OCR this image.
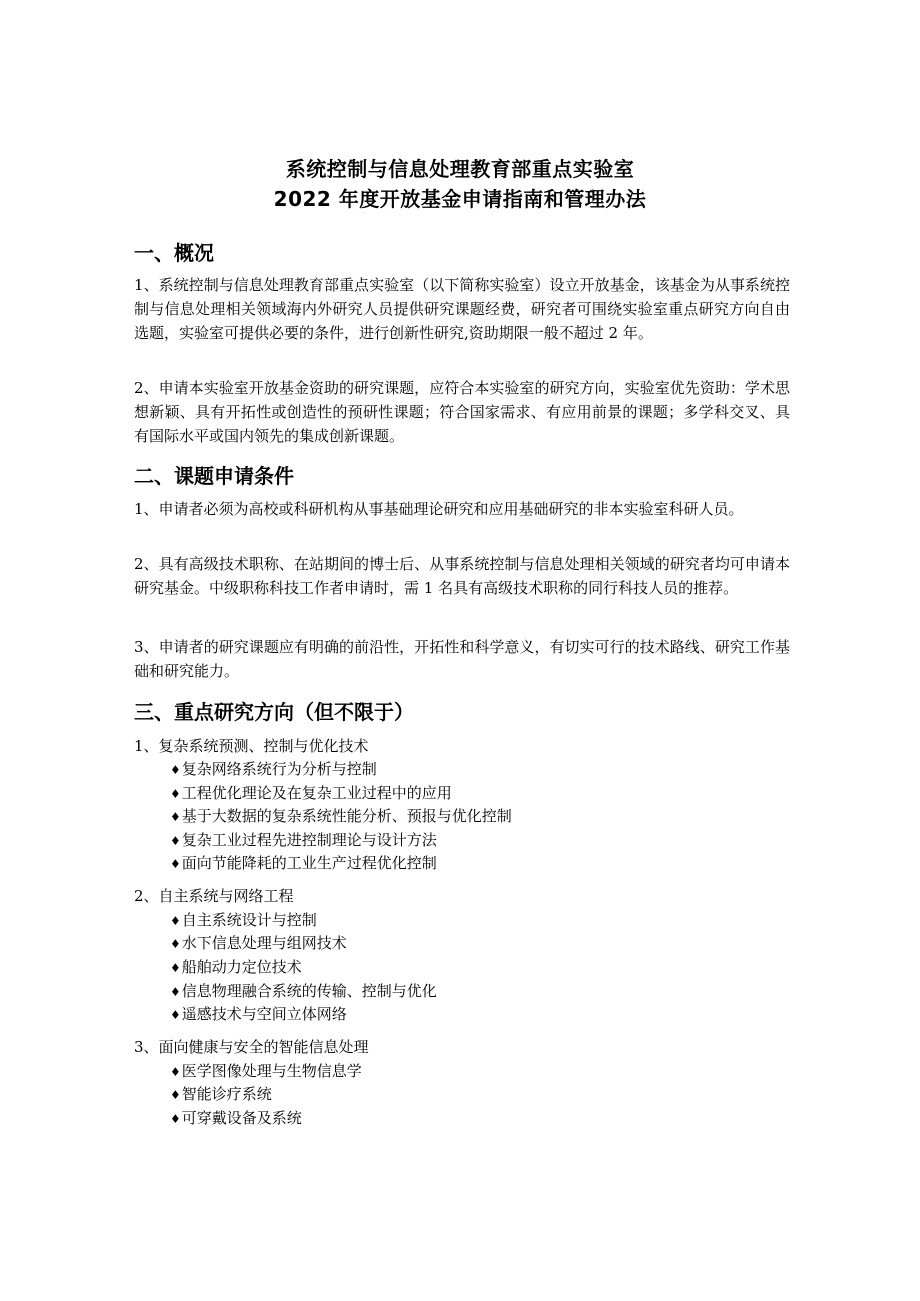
系统控制与信息处理教育部重点实验室
2022 年度开放基金申请指南和管理办法
一、概况
1、系统控制与信息处理教育部重点实验室（以下简称实验室）设立开放基金，该基金为从事系统控制与信息处理相关领域海内外研究人员提供研究课题经费，研究者可围绕实验室重点研究方向自由选题，实验室可提供必要的条件，进行创新性研究,资助期限一般不超过 2 年。
2、申请本实验室开放基金资助的研究课题，应符合本实验室的研究方向，实验室优先资助：学术思想新颖、具有开拓性或创造性的预研性课题；符合国家需求、有应用前景的课题；多学科交叉、具有国际水平或国内领先的集成创新课题。
二、课题申请条件
1、申请者必须为高校或科研机构从事基础理论研究和应用基础研究的非本实验室科研人员。
2、具有高级技术职称、在站期间的博士后、从事系统控制与信息处理相关领域的研究者均可申请本研究基金。中级职称科技工作者申请时，需 1 名具有高级技术职称的同行科技人员的推荐。
3、申请者的研究课题应有明确的前沿性，开拓性和科学意义，有切实可行的技术路线、研究工作基础和研究能力。
三、重点研究方向（但不限于）
1、复杂系统预测、控制与优化技术
♦复杂网络系统行为分析与控制
♦工程优化理论及在复杂工业过程中的应用
♦基于大数据的复杂系统性能分析、预报与优化控制
♦复杂工业过程先进控制理论与设计方法
♦面向节能降耗的工业生产过程优化控制
2、自主系统与网络工程
♦自主系统设计与控制
♦水下信息处理与组网技术
♦船舶动力定位技术
♦信息物理融合系统的传输、控制与优化
♦遥感技术与空间立体网络
3、面向健康与安全的智能信息处理
♦医学图像处理与生物信息学
♦智能诊疗系统
♦可穿戴设备及系统
